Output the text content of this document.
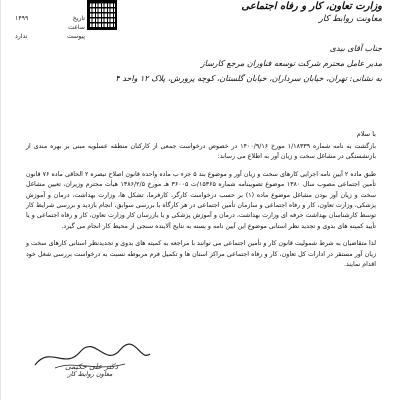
۱۴۹۹	تاریخ
ساعت
ندارد	پیوست
وزارت تعاون، کار و رفاه اجتماعی
معاونت روابط کار
جناب آقای بیدی
مدیر عامل محترم شرکت توسعه فناوران مرجع کارساز
به نشانی: تهران، خیابان سرداران، خیابان گلستان، کوچه پرورش، پلاک ۱۲ واحد ۴
با سلام

بازگشت به نامه شماره ۱/۱۸۳۳۹ مورخ ۱۴۰۰/۹/۱۶ در خصوص درخواست جمعی از کارکنان منطقه عسلویه مبنی بر بهره مندی از بازنشستگی در مشاغل سخت و زیان آور به اطلاع می رساند:

طبق ماده ۲ آیین نامه اجرایی کارهای سخت و زیان آور و موضوع بند ۵ جزء ب ماده واحده قانون اصلاح تبصره ۲ الحاقی ماده ۷۶ قانون تأمین اجتماعی مصوب سال ۱۳۸۰ موضوع تصویبنامه شماره ۱۵۳۶۵/ت ۳۶۰۰۵ هـ مورخ ۱۳۸۶/۲/۵ هیأت محترم وزیران، تعیین مشاغل سخت و زیان آور بودن مشاغل موضوع ماده (۱) بر حسب درخواست کارگر، کارفرما، تشکل ها، وزارت بهداشت، درمان و آموزش پزشکی، وزارت تعاون، کار و رفاه اجتماعی و سازمان تأمین اجتماعی در هر کارگاه با بررسی سوابق، انجام بازدید و بررسی شرایط کار توسط کارشناسان بهداشت حرفه ای وزارت بهداشت، درمان و آموزش پزشکی و یا بازرسان کار وزارت تعاون، کار و رفاه اجتماعی و یا تأیید کمیته های بدوی و تجدید نظر استانی موضوع این آیین نامه و بسته به نتایج آلاینده سنجی از محیط کار انجام می گیرد.

لذا متقاضیان به شرط شمولیت قانون کار و تأمین اجتماعی می توانند با مراجعه به کمیته های بدوی و تجدیدنظر استانی کارهای سخت و زیان آور مستقر در ادارات کل تعاون، کار و رفاه اجتماعی مراکز استان ها و تکمیل فرم مربوطه نسبت به درخواست بررسی شغل خود اقدام نمایند.

دکتر علی حکیمی
معاون روابط کار
